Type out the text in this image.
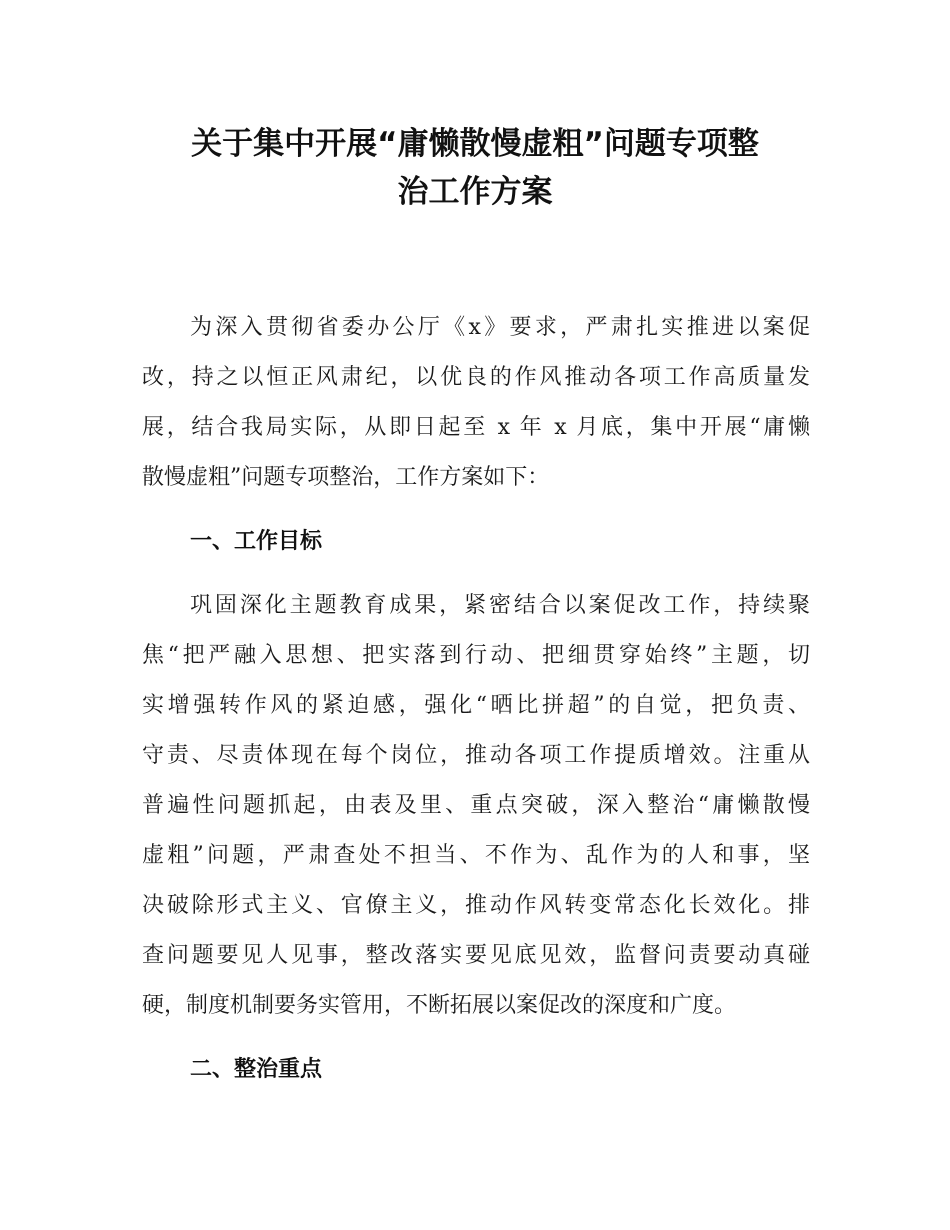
关于集中开展“庸懒散慢虚粗”问题专项整
治工作方案
为深入贯彻省委办公厅《x》要求，严肃扎实推进以案促
改，持之以恒正风肃纪，以优良的作风推动各项工作高质量发
展，结合我局实际，从即日起至 x 年 x 月底，集中开展“庸懒
散慢虚粗”问题专项整治，工作方案如下：
一、工作目标
巩固深化主题教育成果，紧密结合以案促改工作，持续聚
焦“把严融入思想、把实落到行动、把细贯穿始终”主题，切
实增强转作风的紧迫感，强化“晒比拼超”的自觉，把负责、
守责、尽责体现在每个岗位，推动各项工作提质增效。注重从
普遍性问题抓起，由表及里、重点突破，深入整治“庸懒散慢
虚粗”问题，严肃查处不担当、不作为、乱作为的人和事，坚
决破除形式主义、官僚主义，推动作风转变常态化长效化。排
查问题要见人见事，整改落实要见底见效，监督问责要动真碰
硬，制度机制要务实管用，不断拓展以案促改的深度和广度。
二、整治重点
